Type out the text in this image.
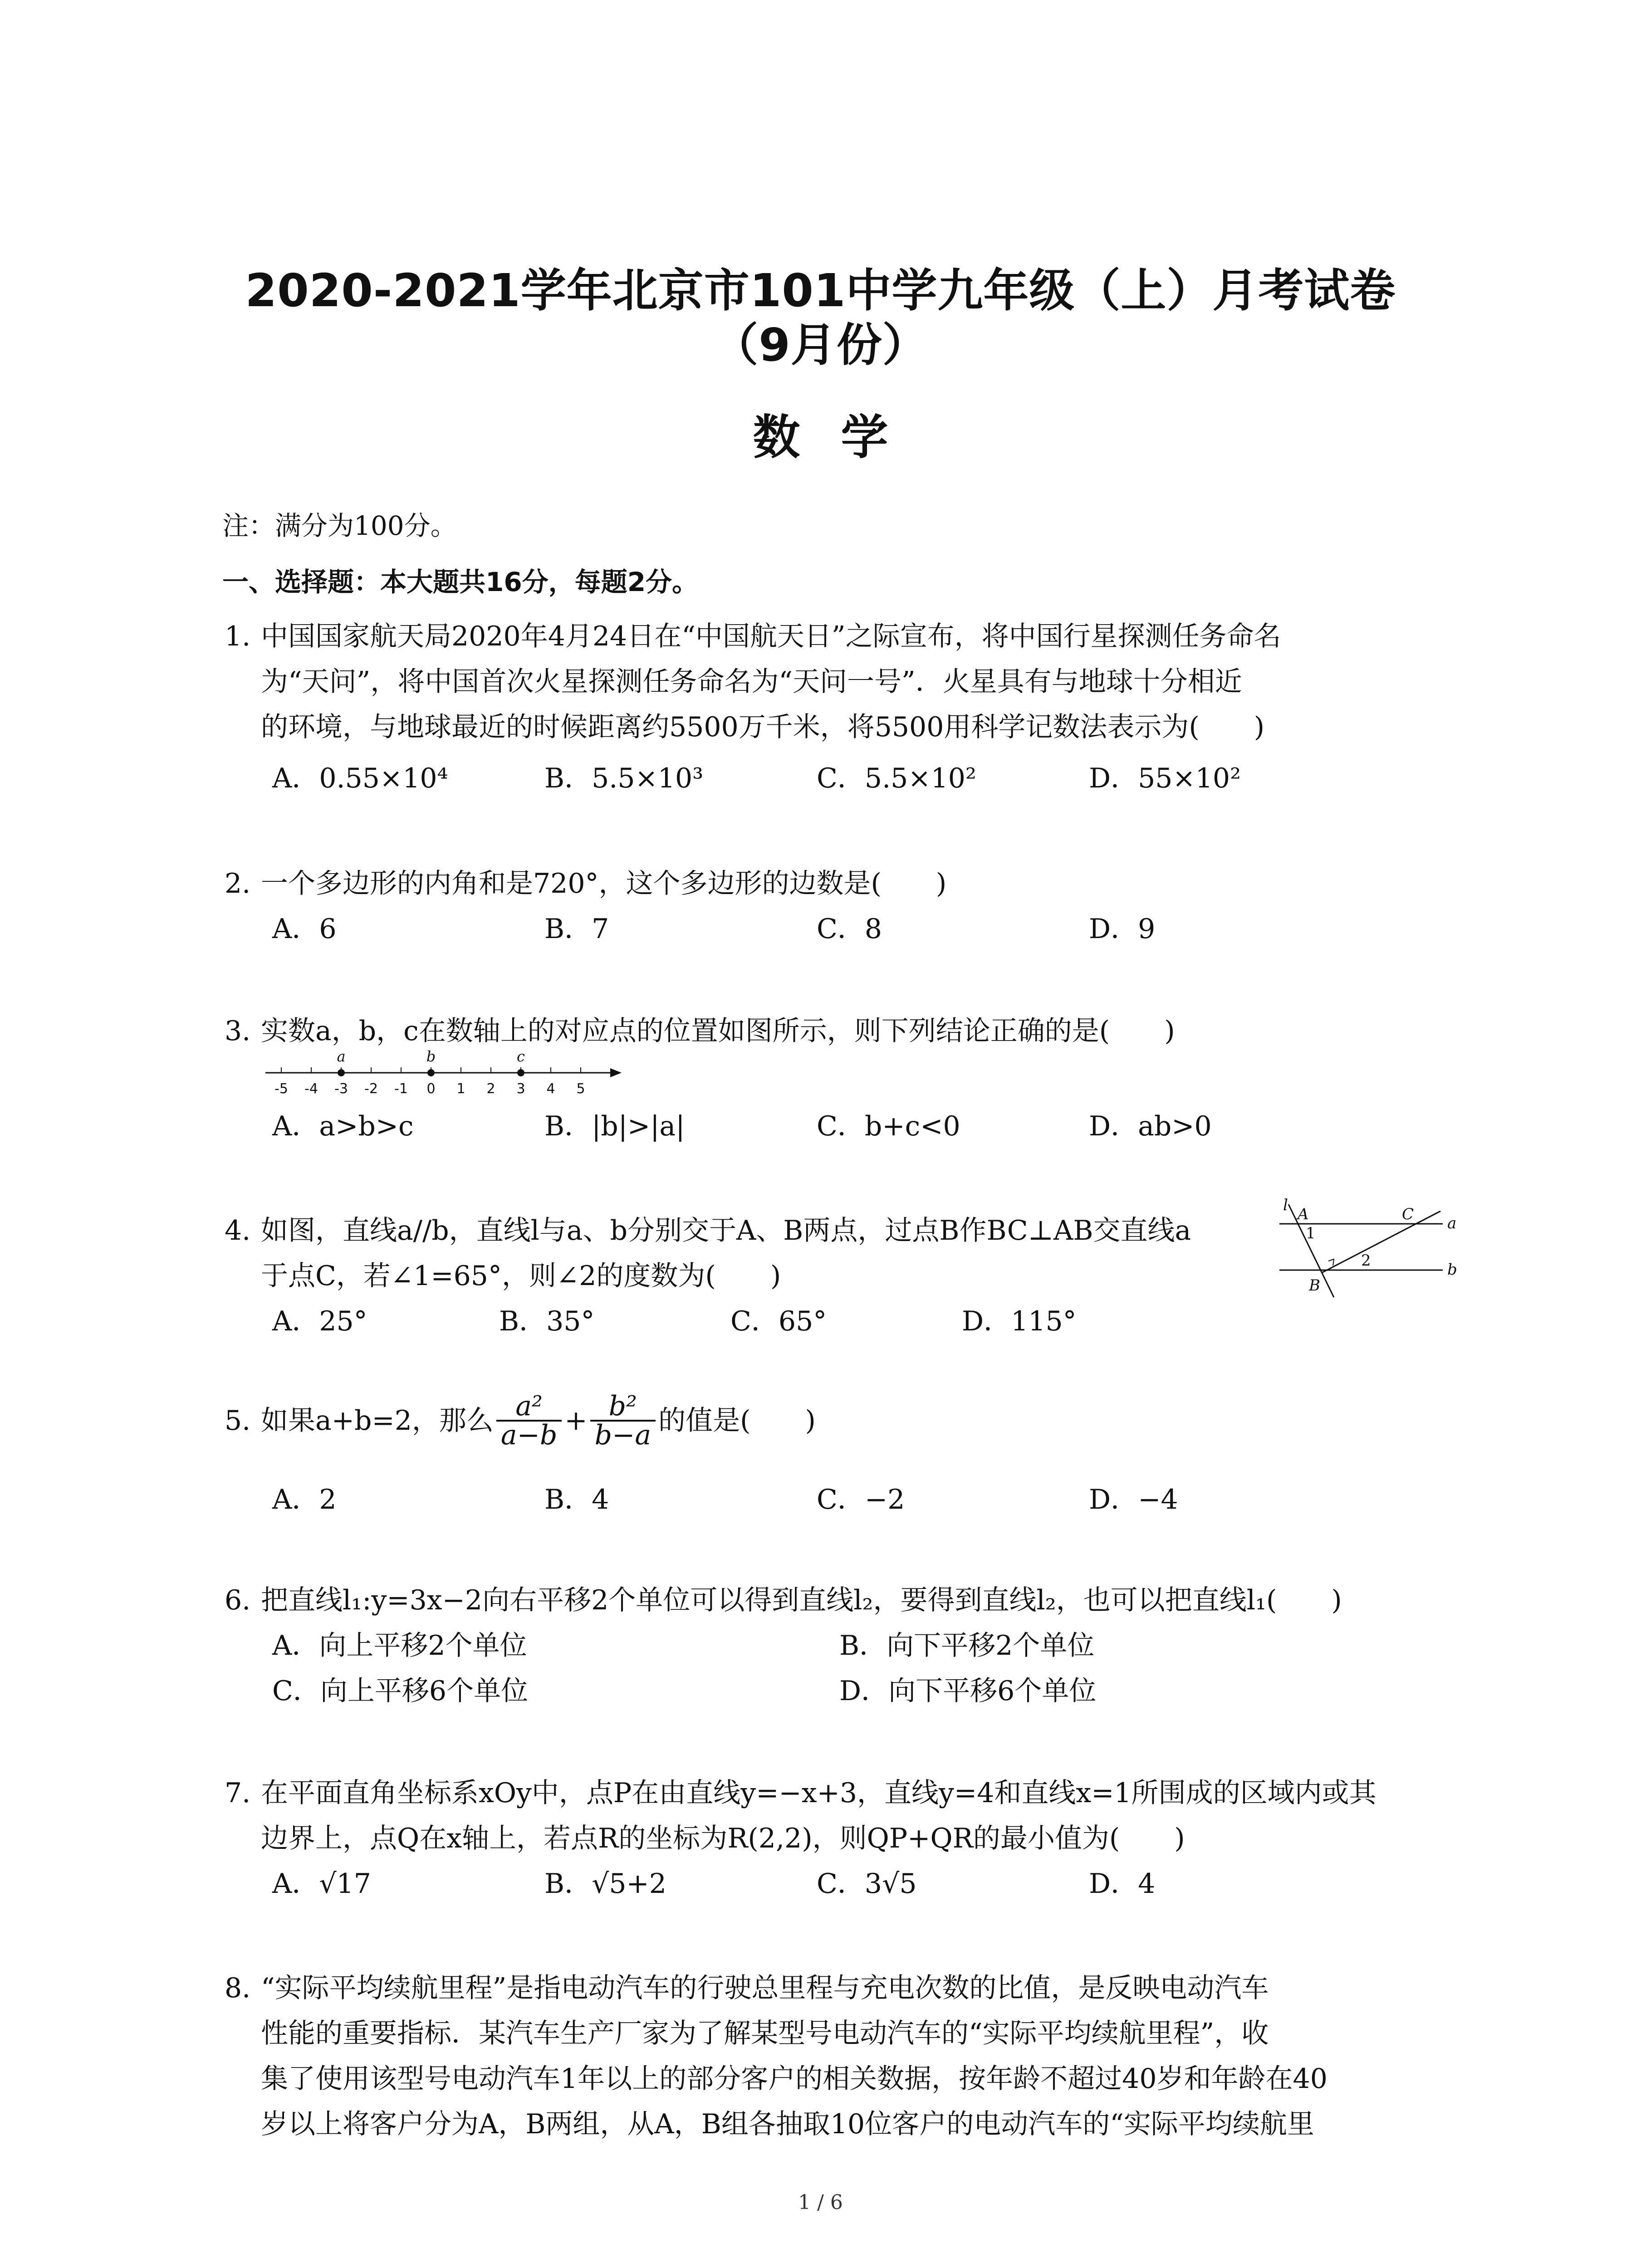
2020-2021学年北京市101中学九年级（上）月考试卷
（9月份）
数学
注：满分为100分。
一、选择题：本大题共16分，每题2分。
1. 中国国家航天局2020年4月24日在“中国航天日”之际宣布，将中国行星探测任务命名
为“天问”，将中国首次火星探测任务命名为“天问一号”．火星具有与地球十分相近
的环境，与地球最近的时候距离约5500万千米，将5500用科学记数法表示为(　　)
A．0.55×10⁴	B．5.5×10³	C．5.5×10²	D．55×10²
2. 一个多边形的内角和是720°，这个多边形的边数是(　　)
A．6	B．7	C．8	D．9
3. 实数a，b，c在数轴上的对应点的位置如图所示，则下列结论正确的是(　　)
-5 -4 -3 -2 -1 0 1 2 3 4 5
a	b	c
A．a>b>c	B．|b|>|a|	C．b+c<0	D．ab>0
4. 如图，直线a//b，直线l与a、b分别交于A、B两点，过点B作BC⊥AB交直线a
于点C，若∠1=65°，则∠2的度数为(　　)
l A
1
C a
2	b
B
A．25°	B．35°	C．65°	D．115°
5. 如果a+b=2，那么 $\frac{\text{a²}}{a-b} + \frac{\text{b²}}{b-a}$ 的值是(　　)
A．2	B．4	C．−2	D．−4
6. 把直线l₁:y=3x−2向右平移2个单位可以得到直线l₂，要得到直线l₂，也可以把直线l₁(　　)
A．向上平移2个单位	B．向下平移2个单位
C．向上平移6个单位	D．向下平移6个单位
7. 在平面直角坐标系xOy中，点P在由直线y=−x+3，直线y=4和直线x=1所围成的区域内或其
边界上，点Q在x轴上，若点R的坐标为R(2,2)，则QP+QR的最小值为(　　)
A．√17	B．√5+2	C．3√5	D．4
8. “实际平均续航里程”是指电动汽车的行驶总里程与充电次数的比值，是反映电动汽车
性能的重要指标．某汽车生产厂家为了解某型号电动汽车的“实际平均续航里程”，收
集了使用该型号电动汽车1年以上的部分客户的相关数据，按年龄不超过40岁和年龄在40
岁以上将客户分为A，B两组，从A，B组各抽取10位客户的电动汽车的“实际平均续航里
1 / 6
